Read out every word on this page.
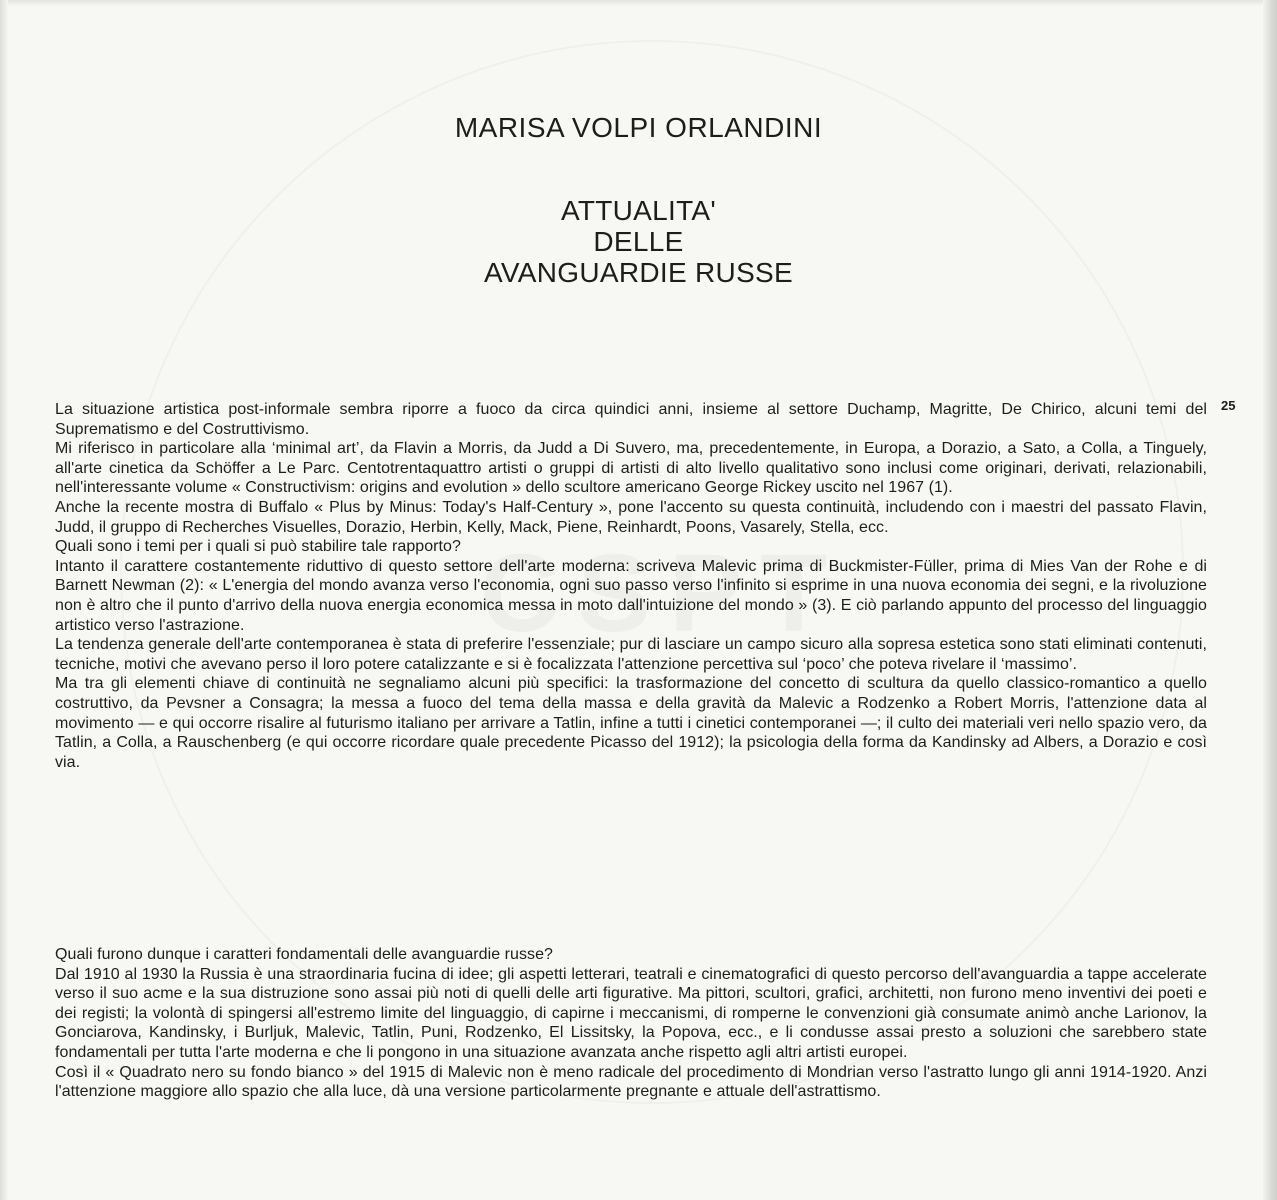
MARISA VOLPI ORLANDINI
ATTUALITA'
DELLE
AVANGUARDIE RUSSE
25

La situazione artistica post-informale sembra riporre a fuoco da circa quindici anni, insieme al settore Duchamp, Magritte, De Chirico, alcuni temi del Suprematismo e del Costruttivismo.

Mi riferisco in particolare alla ‘minimal art’, da Flavin a Morris, da Judd a Di Suvero, ma, precedentemente, in Europa, a Dorazio, a Sato, a Colla, a Tinguely, all'arte cinetica da Schöffer a Le Parc. Centotrentaquattro artisti o gruppi di artisti di alto livello qualitativo sono inclusi come originari, derivati, relazionabili, nell'interessante volume « Constructivism: origins and evolution » dello scultore americano George Rickey uscito nel 1967 (1).

Anche la recente mostra di Buffalo « Plus by Minus: Today's Half-Century », pone l'accento su questa continuità, includendo con i maestri del passato Flavin, Judd, il gruppo di Recherches Visuelles, Dorazio, Herbin, Kelly, Mack, Piene, Reinhardt, Poons, Vasarely, Stella, ecc.

Quali sono i temi per i quali si può stabilire tale rapporto?

Intanto il carattere costantemente riduttivo di questo settore dell'arte moderna: scriveva Malevic prima di Buckmister-Füller, prima di Mies Van der Rohe e di Barnett Newman (2): « L'energia del mondo avanza verso l'economia, ogni suo passo verso l'infinito si esprime in una nuova economia dei segni, e la rivoluzione non è altro che il punto d'arrivo della nuova energia economica messa in moto dall'intuizione del mondo » (3). E ciò parlando appunto del processo del linguaggio artistico verso l'astrazione.

La tendenza generale dell'arte contemporanea è stata di preferire l'essenziale; pur di lasciare un campo sicuro alla sopresa estetica sono stati eliminati contenuti, tecniche, motivi che avevano perso il loro potere catalizzante e si è focalizzata l'attenzione percettiva sul ‘poco’ che poteva rivelare il ‘massimo’.

Ma tra gli elementi chiave di continuità ne segnaliamo alcuni più specifici: la trasformazione del concetto di scultura da quello classico-romantico a quello costruttivo, da Pevsner a Consagra; la messa a fuoco del tema della massa e della gravità da Malevic a Rodzenko a Robert Morris, l'attenzione data al movimento — e qui occorre risalire al futurismo italiano per arrivare a Tatlin, infine a tutti i cinetici contemporanei —; il culto dei materiali veri nello spazio vero, da Tatlin, a Colla, a Rauschenberg (e qui occorre ricordare quale precedente Picasso del 1912); la psicologia della forma da Kandinsky ad Albers, a Dorazio e così via.

Quali furono dunque i caratteri fondamentali delle avanguardie russe?

Dal 1910 al 1930 la Russia è una straordinaria fucina di idee; gli aspetti letterari, teatrali e cinematografici di questo percorso dell'avanguardia a tappe accelerate verso il suo acme e la sua distruzione sono assai più noti di quelli delle arti figurative. Ma pittori, scultori, grafici, architetti, non furono meno inventivi dei poeti e dei registi; la volontà di spingersi all'estremo limite del linguaggio, di capirne i meccanismi, di romperne le convenzioni già consumate animò anche Larionov, la Gonciarova, Kandinsky, i Burljuk, Malevic, Tatlin, Puni, Rodzenko, El Lissitsky, la Popova, ecc., e li condusse assai presto a soluzioni che sarebbero state fondamentali per tutta l'arte moderna e che li pongono in una situazione avanzata anche rispetto agli altri artisti europei.

Così il « Quadrato nero su fondo bianco » del 1915 di Malevic non è meno radicale del procedimento di Mondrian verso l'astratto lungo gli anni 1914-1920. Anzi l'attenzione maggiore allo spazio che alla luce, dà una versione particolarmente pregnante e attuale dell'astrattismo.
